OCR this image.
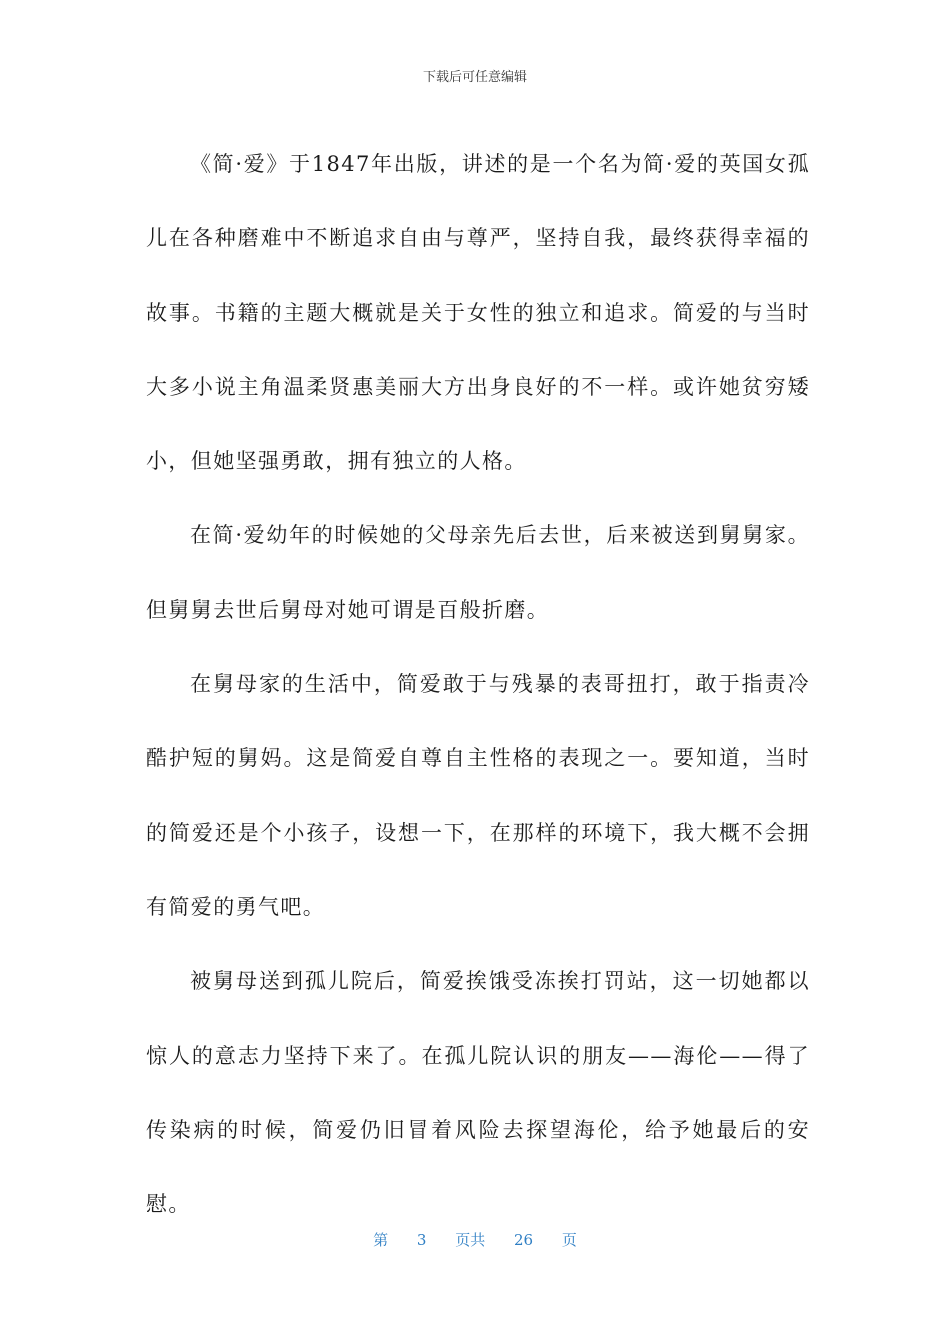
下载后可任意编辑

《简·爱》于1847年出版，讲述的是一个名为简·爱的英国女孤儿在各种磨难中不断追求自由与尊严，坚持自我，最终获得幸福的故事。书籍的主题大概就是关于女性的独立和追求。简爱的与当时大多小说主角温柔贤惠美丽大方出身良好的不一样。或许她贫穷矮小，但她坚强勇敢，拥有独立的人格。

在简·爱幼年的时候她的父母亲先后去世，后来被送到舅舅家。但舅舅去世后舅母对她可谓是百般折磨。

在舅母家的生活中，简爱敢于与残暴的表哥扭打，敢于指责冷酷护短的舅妈。这是简爱自尊自主性格的表现之一。要知道，当时的简爱还是个小孩子，设想一下，在那样的环境下，我大概不会拥有简爱的勇气吧。

被舅母送到孤儿院后，简爱挨饿受冻挨打罚站，这一切她都以惊人的意志力坚持下来了。在孤儿院认识的朋友——海伦——得了传染病的时候，简爱仍旧冒着风险去探望海伦，给予她最后的安慰。

第 3 页共 26 页
